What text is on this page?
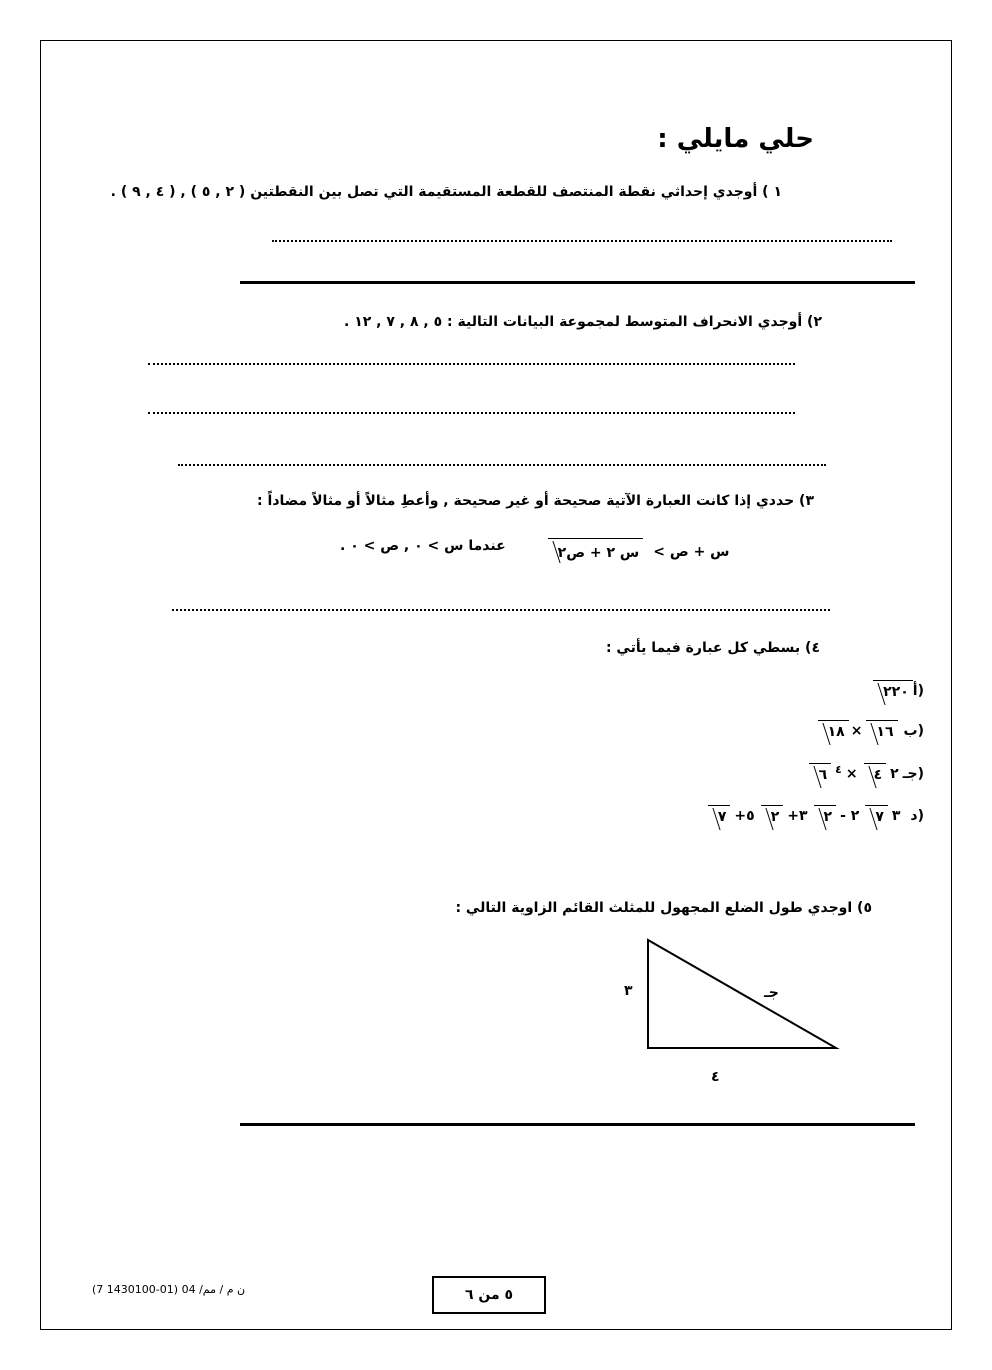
حلي مايلي :
١ ) أوجدي إحداثي نقطة المنتصف للقطعة المستقيمة التي تصل بين النقطتين ( ٢ , ٥ ) , ( ٤ , ٩ ) .
٢) أوجدي الانحراف المتوسط لمجموعة البيانات التالية : ٥ , ٨ , ٧ , ١٢ .
٣) حددي إذا كانت العبارة الآتية صحيحة أو غير صحيحة , وأعطِ مثالاً أو مثالاً مضاداً :
عندما س > ٠ , ص > ٠ .	س ٢ + ص٢ س + ص >
٤) بسطي كل عبارة فيما يأتي :
٢٢٠ أ)
١٨ ×	١٦ ب)
٦ ٤ ×	٤ ٢ جـ)
٧ +٥	٢ +٣	٢ - ٢	٧ ٣ د)
٥) اوجدي طول الضلع المجهول للمثلث القائم الزاوية التالي :
٣
٤
جـ
ن م / مم/ 04 (01-1430100 7)	٥ من ٦
